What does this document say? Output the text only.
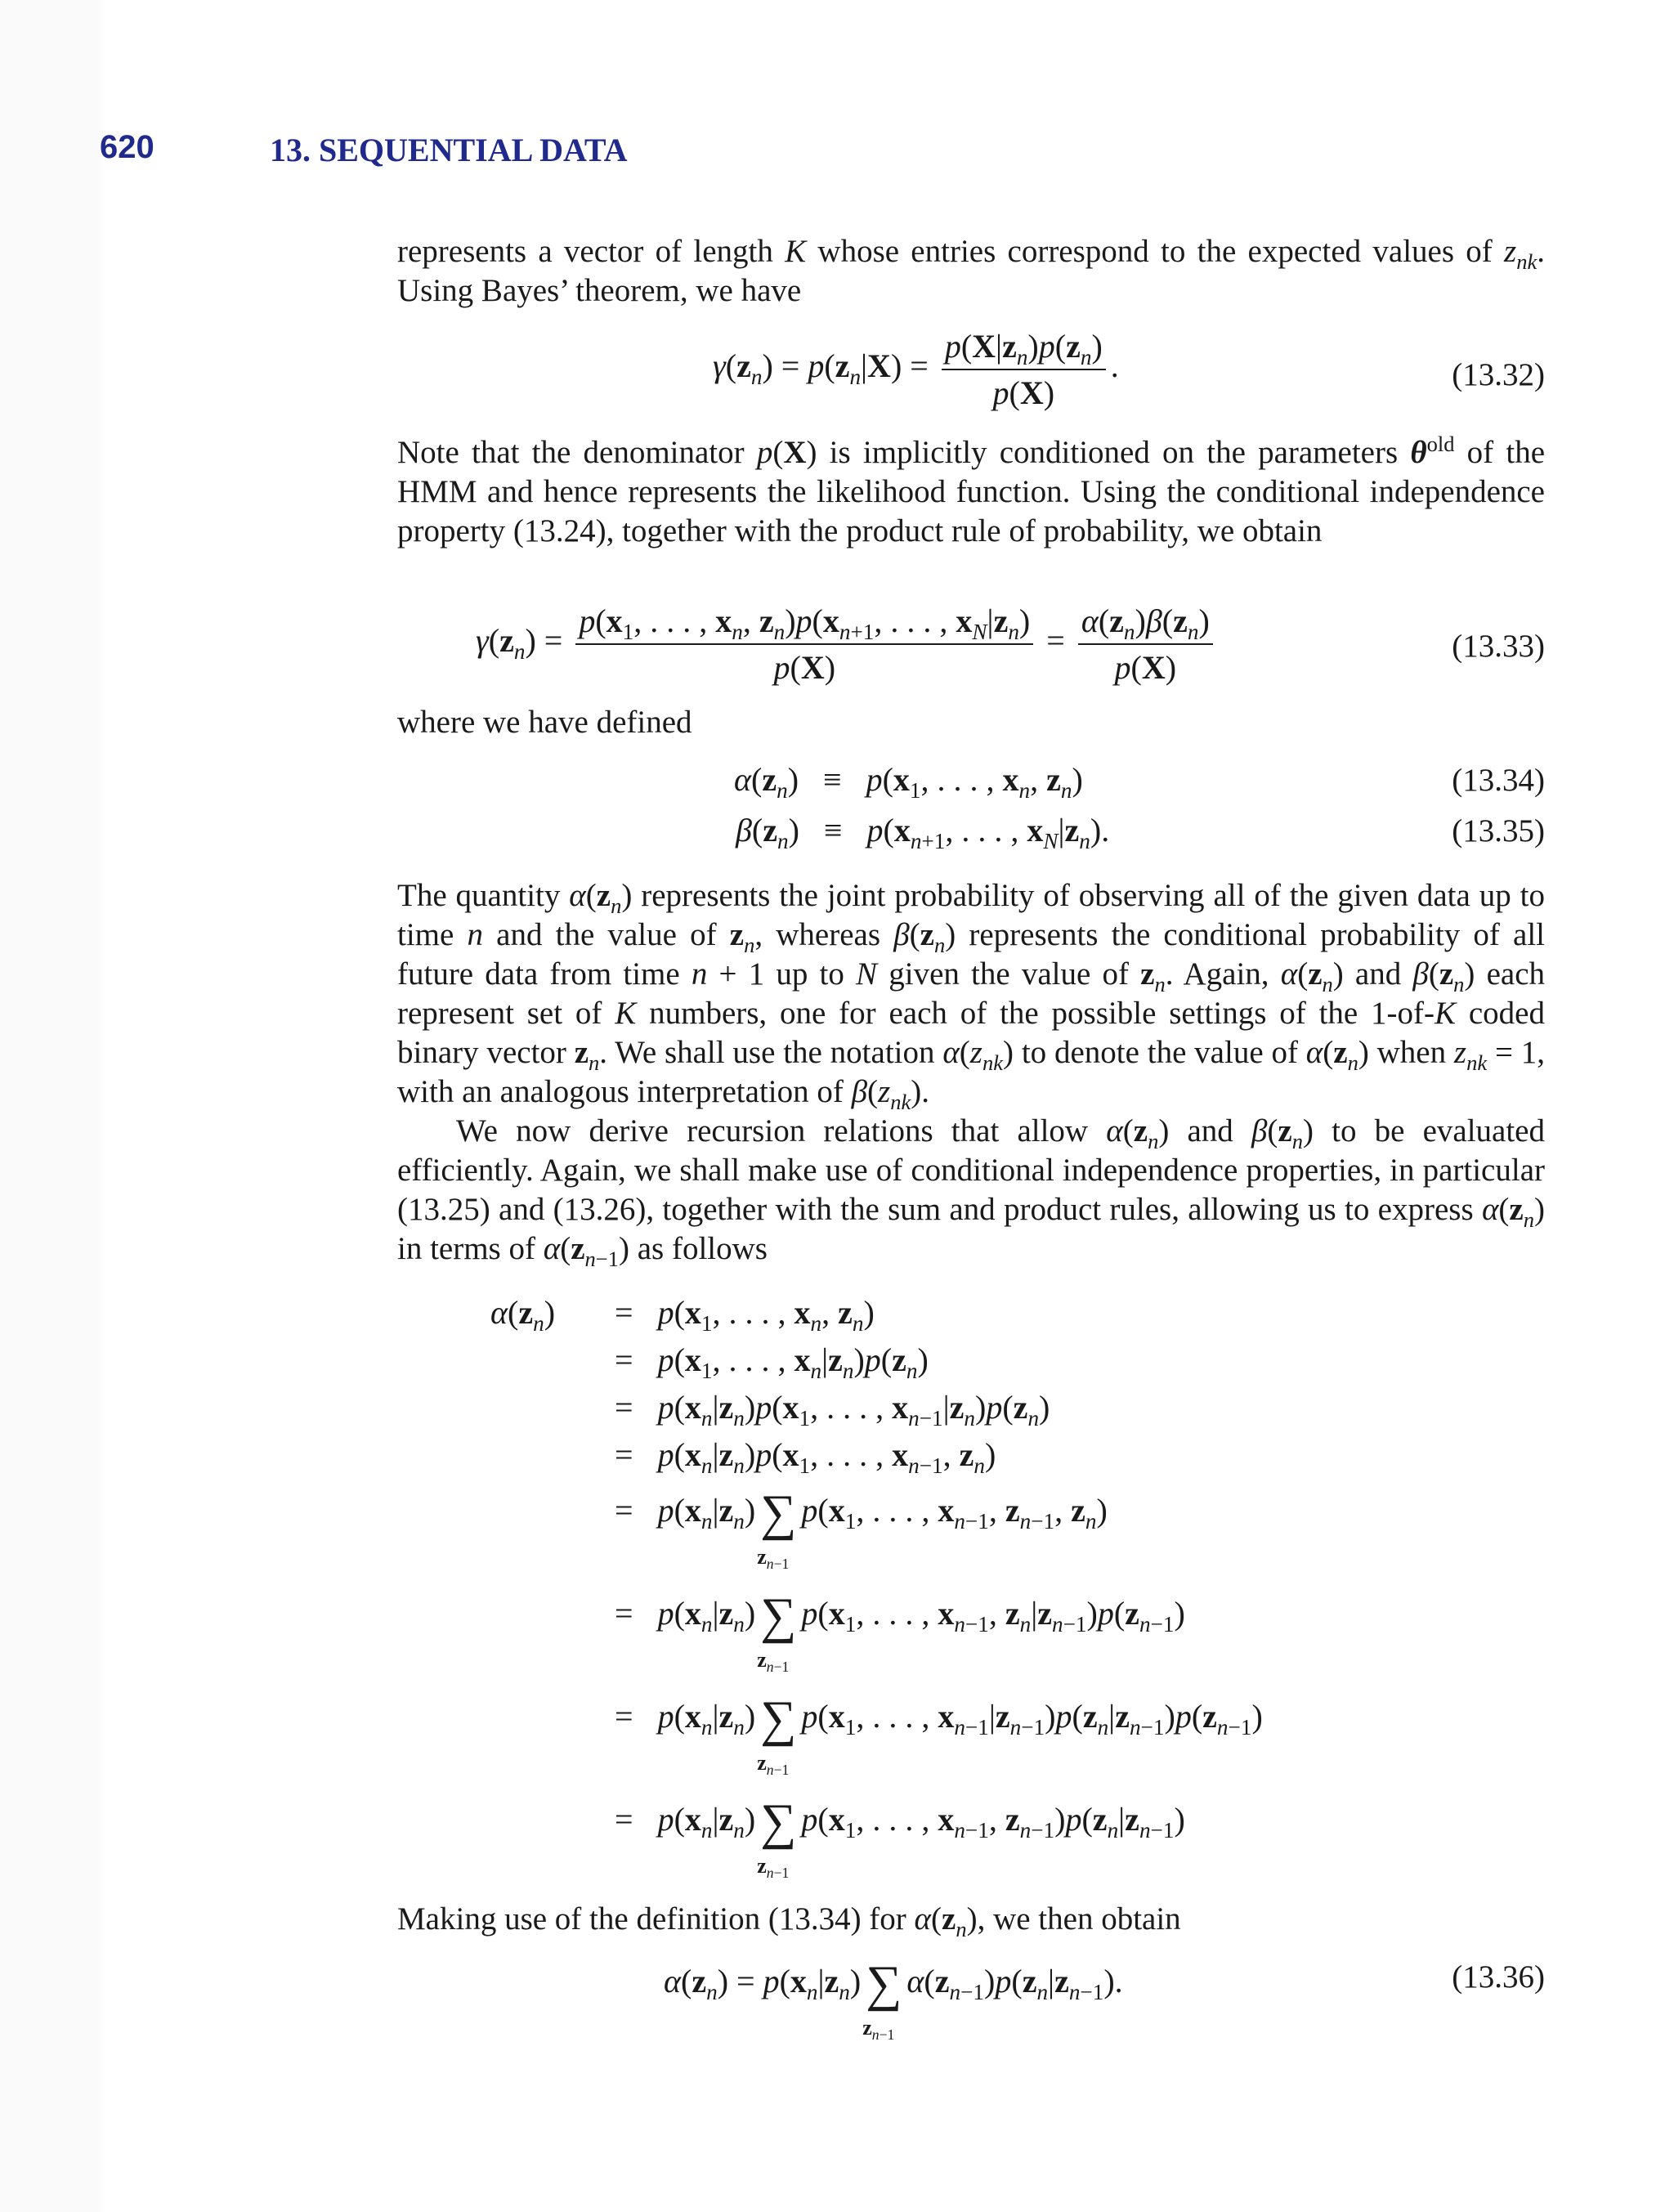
620	13. SEQUENTIAL DATA
represents a vector of length K whose entries correspond to the expected values of $z_{nk}$. Using Bayes’ theorem, we have
$\gamma(z_n) = p(z_n|X) = \frac{p(X|z_n)p(z_n)}{p(X)}$ .	(13.32)
Note that the denominator p(X) is implicitly conditioned on the parameters $\theta^{old}$ of the HMM and hence represents the likelihood function. Using the conditional independence property (13.24), together with the product rule of probability, we obtain
$\gamma(z_n) = \frac{p(x_1, . . . , x_n, z_n)p(x_{n+1}, . . . , x_N|z_n)}{p(X)} = \frac{\alpha(z_n)\beta(z_n)}{p(X)}$	(13.33)
where we have defined
$\alpha(z_n) \equiv p(x_1$, . . . , $x_n$, $z_n$)	(13.34)
$\beta(z_n) \equiv p(x_{n+1}$, . . . , $x_N|z_n$).	(13.35)
The quantity $\alpha(z_n)$ represents the joint probability of observing all of the given data up to time n and the value of $z_n$, whereas $\beta(z_n)$ represents the conditional probability of all future data from time n + 1 up to N given the value of $z_n$. Again, $\alpha(z_n)$ and $\beta(z_n)$ each represent set of K numbers, one for each of the possible settings of the 1-of-K coded binary vector $z_n$. We shall use the notation $\alpha(z_{nk})$ to denote the value of $\alpha(z_n)$ when $z_{nk} = 1$, with an analogous interpretation of $\beta(z_{nk})$.
We now derive recursion relations that allow $\alpha(z_n)$ and $\beta(z_n)$ to be evaluated efficiently. Again, we shall make use of conditional independence properties, in particular (13.25) and (13.26), together with the sum and product rules, allowing us to express $\alpha(z_n)$ in terms of $\alpha(z_{n-1})$ as follows
$\alpha(z_n) = p(x_1$, . . . , $x_n$, $z_n$)
=   $p(x_1$, . . . , $x_n|z_n)p(z_n)$
=   $p(x_n|z_n)p(x_1$, . . . , $x_{n-1}|z_n)p(z_n)$
=   $p(x_n|z_n)p(x_1$, . . . , $x_{n-1}$, $z_n$)
=   $p(x_n|z_n)\sum$
$z_{n-1}$
$p(x_1$, . . . , $x_{n-1}$, $z_{n-1}$, $z_n$)
=   $p(x_n|z_n)\sum$
$z_{n-1}$
$p(x_1$, . . . , $x_{n-1}$, $z_n|z_{n-1})p(z_{n-1})$
=   $p(x_n|z_n)\sum$
$z_{n-1}$
$p(x_1$, . . . , $x_{n-1}|z_{n-1})p(z_n|z_{n-1})p(z_{n-1})$
=   $p(x_n|z_n)\sum$
$z_{n-1}$
$p(x_1$, . . . , $x_{n-1}$, $z_{n-1})p(z_n|z_{n-1})$
Making use of the definition (13.34) for $\alpha(z_n)$, we then obtain
$\alpha(z_n) = p(x_n|z_n)\sum$
$z_{n-1}$
$\alpha(z_{n-1})p(z_n|z_{n-1})$.	(13.36)
